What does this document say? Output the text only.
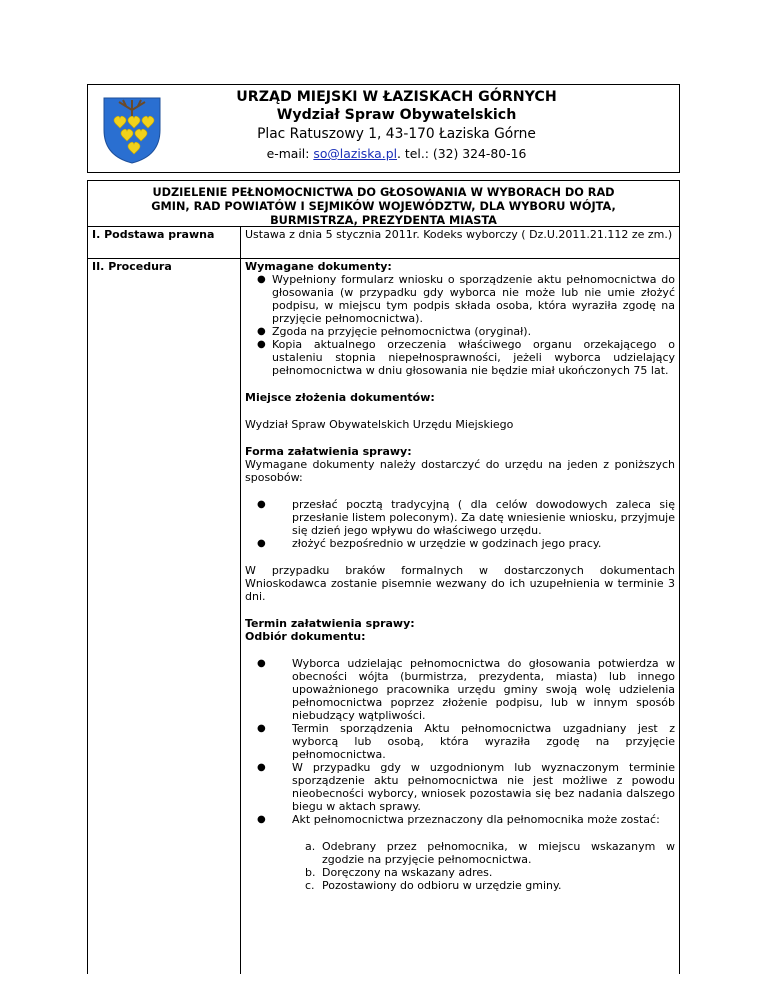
URZĄD MIEJSKI W ŁAZISKACH GÓRNYCH
Wydział Spraw Obywatelskich
Plac Ratuszowy 1, 43-170 Łaziska Górne
e-mail: so@laziska.pl. tel.: (32) 324-80-16
UDZIELENIE PEŁNOMOCNICTWA DO GŁOSOWANIA W WYBORACH DO RAD
GMIN, RAD POWIATÓW I SEJMIKÓW WOJEWÓDZTW, DLA WYBORU WÓJTA,
BURMISTRZA, PREZYDENTA MIASTA
I. Podstawa prawna	Ustawa z dnia 5 stycznia 2011r. Kodeks wyborczy ( Dz.U.2011.21.112 ze zm.)
II. Procedura	Wymagane dokumenty:

● Wypełniony formularz wniosku o sporządzenie aktu pełnomocnictwa do głosowania (w przypadku gdy wyborca nie może lub nie umie złożyć podpisu, w miejscu tym podpis składa osoba, która wyraziła zgodę na przyjęcie pełnomocnictwa).
● Zgoda na przyjęcie pełnomocnictwa (oryginał).
● Kopia aktualnego orzeczenia właściwego organu orzekającego o ustaleniu stopnia niepełnosprawności, jeżeli wyborca udzielający pełnomocnictwa w dniu głosowania nie będzie miał ukończonych 75 lat.

Miejsce złożenia dokumentów:

Wydział Spraw Obywatelskich Urzędu Miejskiego

Forma załatwienia sprawy:

Wymagane dokumenty należy dostarczyć do urzędu na jeden z poniższych sposobów:

● przesłać pocztą tradycyjną ( dla celów dowodowych zaleca się przesłanie listem poleconym). Za datę wniesienie wniosku, przyjmuje się dzień jego wpływu do właściwego urzędu.
● złożyć bezpośrednio w urzędzie w godzinach jego pracy.

W przypadku braków formalnych w dostarczonych dokumentach Wnioskodawca zostanie pisemnie wezwany do ich uzupełnienia w terminie 3 dni.

Termin załatwienia sprawy:

Odbiór dokumentu:

● Wyborca udzielając pełnomocnictwa do głosowania potwierdza w obecności wójta (burmistrza, prezydenta, miasta) lub innego upoważnionego pracownika urzędu gminy swoją wolę udzielenia pełnomocnictwa poprzez złożenie podpisu, lub w innym sposób niebudzący wątpliwości.
● Termin sporządzenia Aktu pełnomocnictwa uzgadniany jest z wyborcą lub osobą, która wyraziła zgodę na przyjęcie pełnomocnictwa.
● W przypadku gdy w uzgodnionym lub wyznaczonym terminie sporządzenie aktu pełnomocnictwa nie jest możliwe z powodu nieobecności wyborcy, wniosek pozostawia się bez nadania dalszego biegu w aktach sprawy.
● Akt pełnomocnictwa przeznaczony dla pełnomocnika może zostać:
a. Odebrany przez pełnomocnika, w miejscu wskazanym w zgodzie na przyjęcie pełnomocnictwa.
b. Doręczony na wskazany adres.
c. Pozostawiony do odbioru w urzędzie gminy.
